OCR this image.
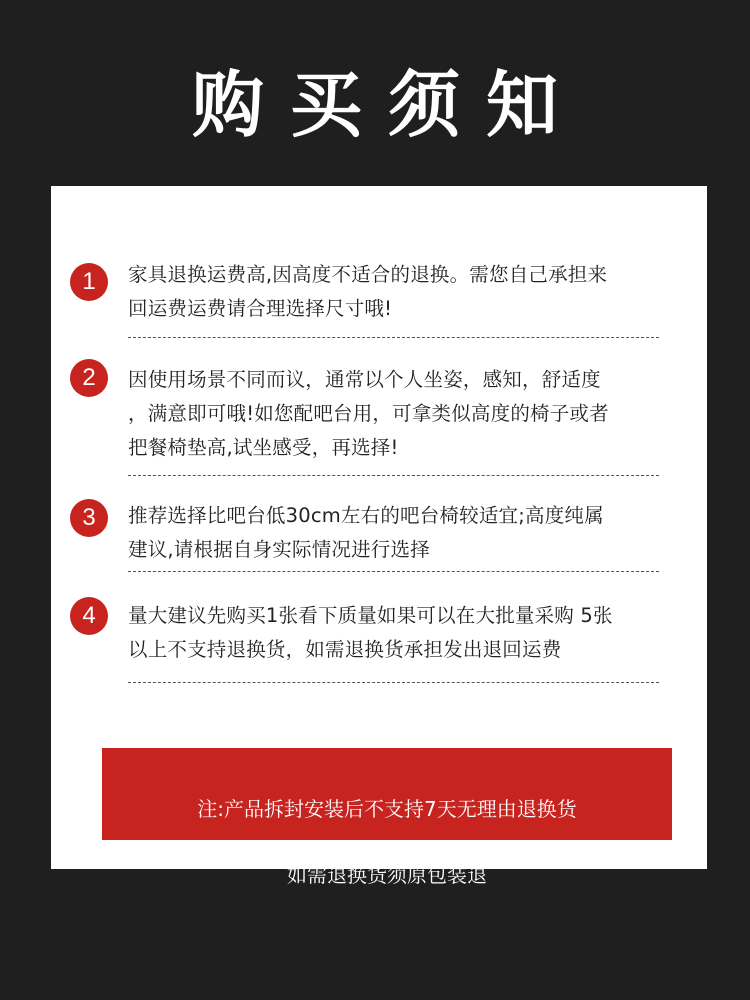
购买须知
1	家具退换运费高,因高度不适合的退换。需您自己承担来
回运费运费请合理选择尺寸哦!

2	因使用场景不同而议，通常以个人坐姿，感知，舒适度
，满意即可哦!如您配吧台用，可拿类似高度的椅子或者
把餐椅垫高,试坐感受，再选择!

3	推荐选择比吧台低30cm左右的吧台椅较适宜;高度纯属
建议,请根据自身实际情况进行选择

4	量大建议先购买1张看下质量如果可以在大批量采购 5张
以上不支持退换货，如需退换货承担发出退回运费

注:产品拆封安装后不支持7天无理由退换货

如需退换货须原包装退
